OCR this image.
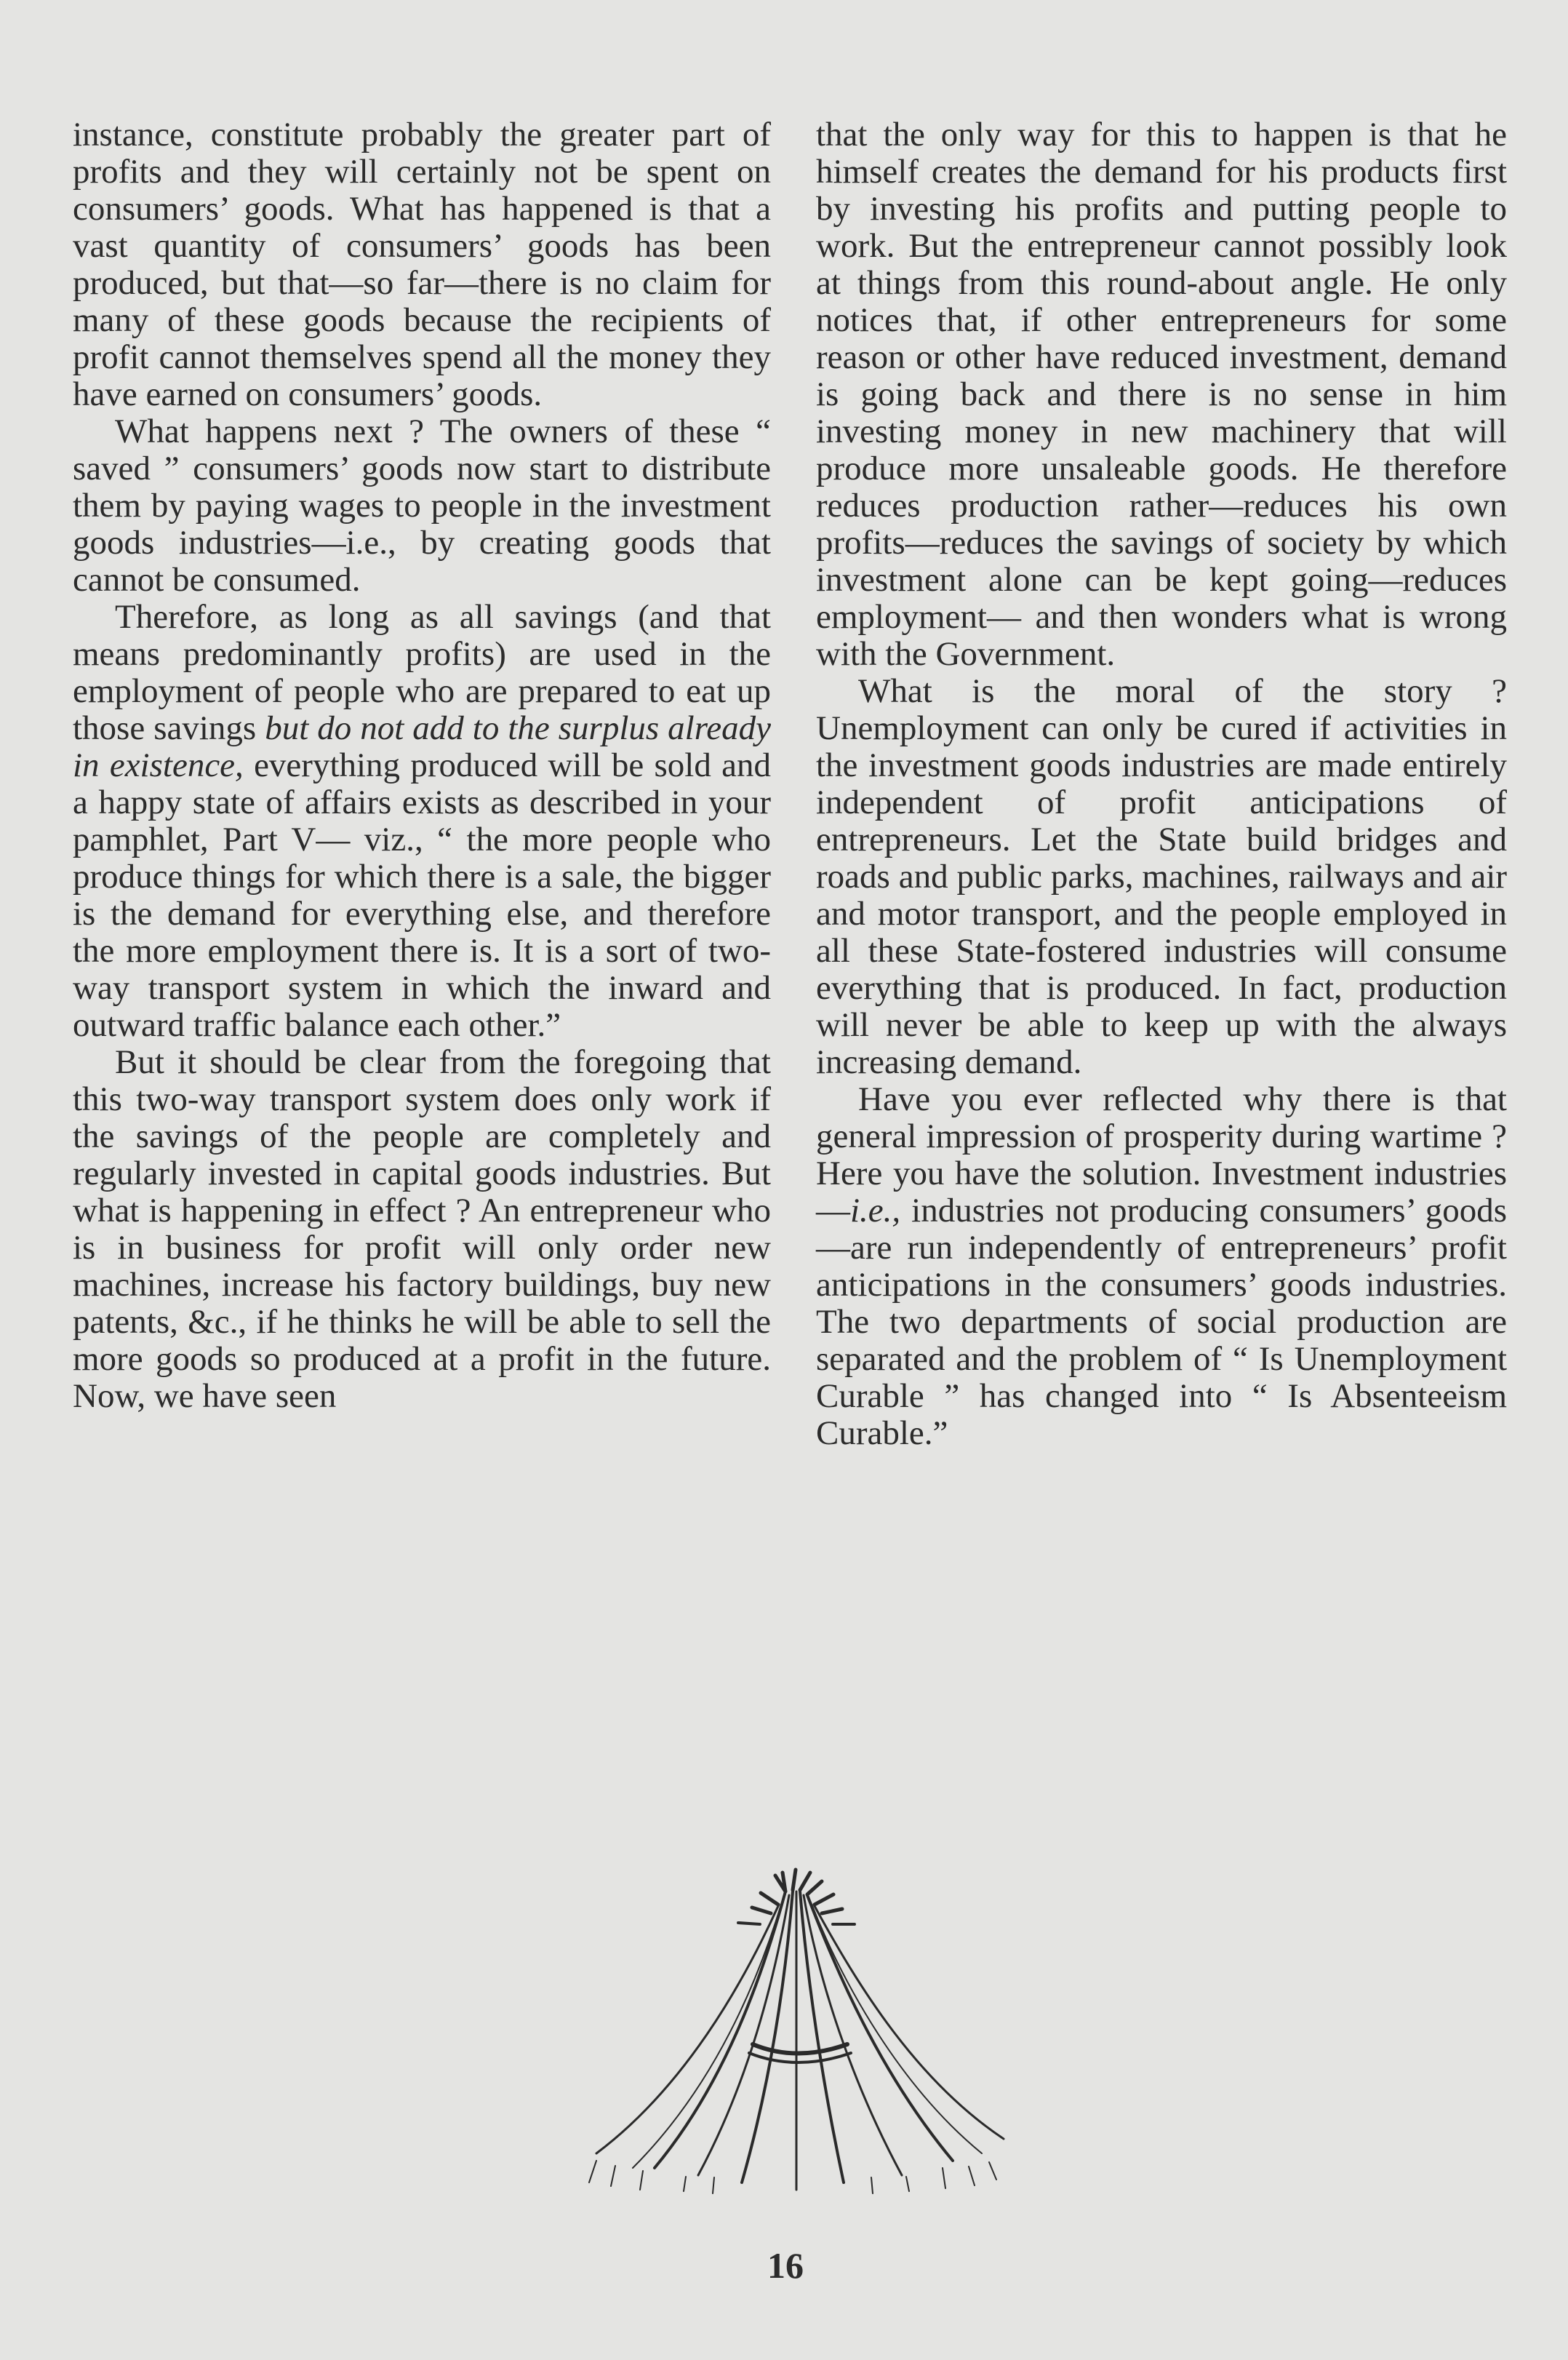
instance, constitute probably the greater part of profits and they will certainly not be spent on consumers’ goods. What has happened is that a vast quantity of consumers’ goods has been produced, but that—so far—there is no claim for many of these goods because the recipients of profit cannot themselves spend all the money they have earned on consumers’ goods.

What happens next ? The owners of these “ saved ” consumers’ goods now start to distribute them by paying wages to people in the investment goods industries—i.e., by creating goods that cannot be consumed.

Therefore, as long as all savings (and that means predominantly profits) are used in the employment of people who are prepared to eat up those savings but do not add to the surplus already in existence, everything produced will be sold and a happy state of affairs exists as described in your pamphlet, Part V— viz., “ the more people who produce things for which there is a sale, the bigger is the demand for everything else, and therefore the more employment there is. It is a sort of two-way transport system in which the inward and outward traffic balance each other.”

But it should be clear from the foregoing that this two-way transport system does only work if the savings of the people are completely and regularly invested in capital goods industries. But what is happening in effect ? An entrepreneur who is in business for profit will only order new machines, increase his factory buildings, buy new patents, &c., if he thinks he will be able to sell the more goods so produced at a profit in the future. Now, we have seen

that the only way for this to happen is that he himself creates the demand for his products first by investing his profits and putting people to work. But the entrepreneur cannot possibly look at things from this round-about angle. He only notices that, if other entrepreneurs for some reason or other have reduced investment, demand is going back and there is no sense in him investing money in new machinery that will produce more unsaleable goods. He therefore reduces production rather—reduces his own profits—reduces the savings of society by which investment alone can be kept going—reduces employment— and then wonders what is wrong with the Government.

What is the moral of the story ? Unemployment can only be cured if activities in the investment goods industries are made entirely independent of profit anticipations of entrepreneurs. Let the State build bridges and roads and public parks, machines, railways and air and motor transport, and the people employed in all these State-fostered industries will consume everything that is produced. In fact, production will never be able to keep up with the always increasing demand.

Have you ever reflected why there is that general impression of prosperity during wartime ? Here you have the solution. Investment industries—i.e., industries not producing consumers’ goods—are run independently of entrepreneurs’ profit anticipations in the consumers’ goods industries. The two departments of social production are separated and the problem of “ Is Unemployment Curable ” has changed into “ Is Absenteeism Curable.”

16
